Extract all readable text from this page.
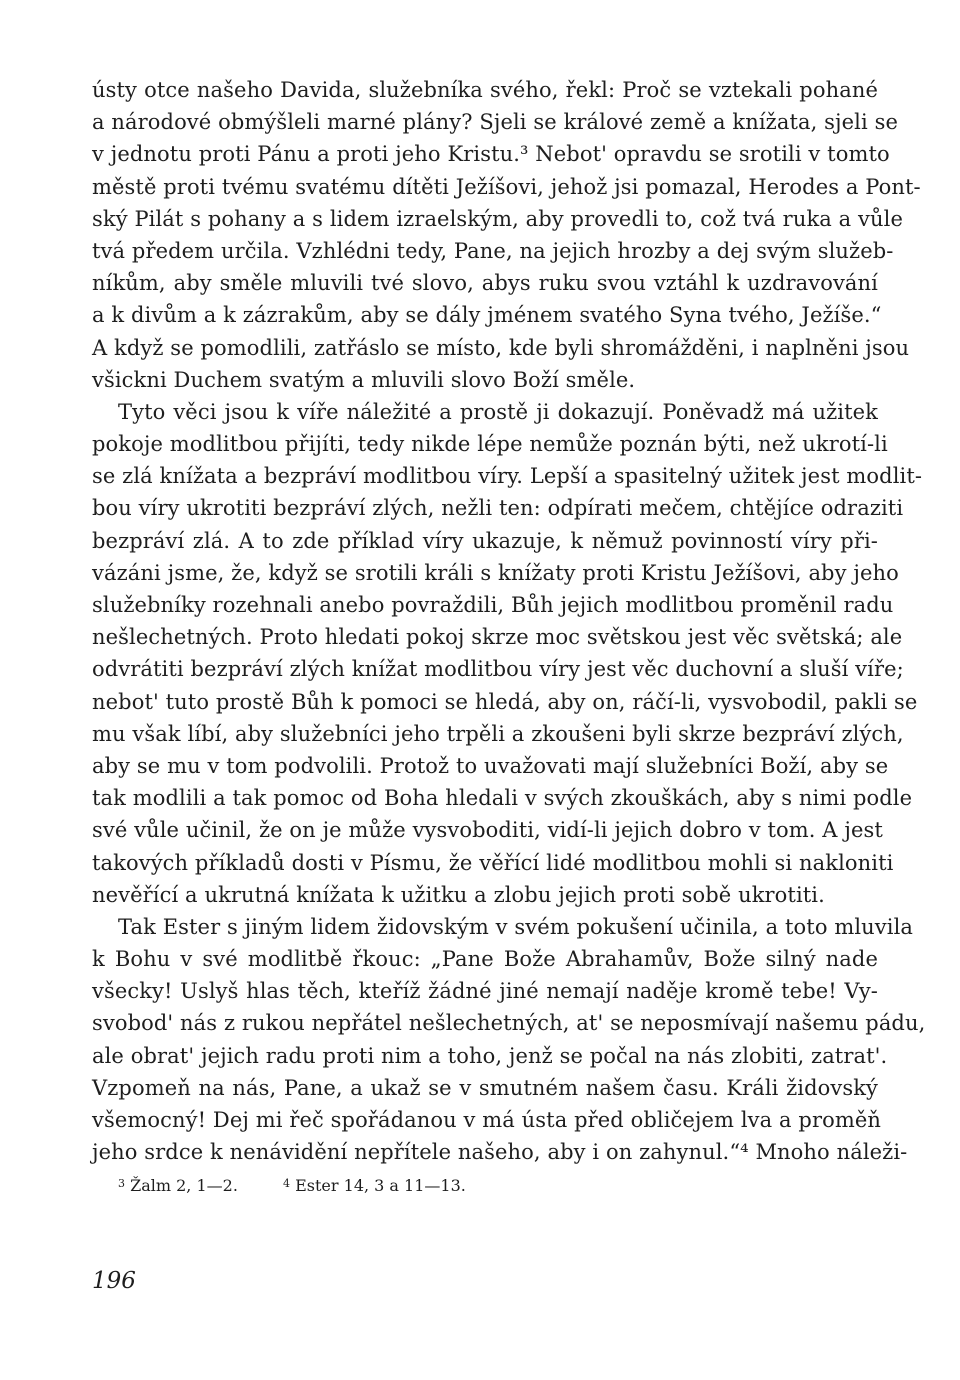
ústy otce našeho Davida, služebníka svého, řekl: Proč se vztekali pohané
a národové obmýšleli marné plány? Sjeli se králové země a knížata, sjeli se
v jednotu proti Pánu a proti jeho Kristu.³ Nebot' opravdu se srotili v tomto
městě proti tvému svatému dítěti Ježíšovi, jehož jsi pomazal, Herodes a Pont-
ský Pilát s pohany a s lidem izraelským, aby provedli to, což tvá ruka a vůle
tvá předem určila. Vzhlédni tedy, Pane, na jejich hrozby a dej svým služeb-
níkům, aby směle mluvili tvé slovo, abys ruku svou vztáhl k uzdravování
a k divům a k zázrakům, aby se dály jménem svatého Syna tvého, Ježíše.“
A když se pomodlili, zatřáslo se místo, kde byli shromážděni, i naplněni jsou
všickni Duchem svatým a mluvili slovo Boží směle.
Tyto věci jsou k víře náležité a prostě ji dokazují. Poněvadž má užitek
pokoje modlitbou přijíti, tedy nikde lépe nemůže poznán býti, než ukrotí-li
se zlá knížata a bezpráví modlitbou víry. Lepší a spasitelný užitek jest modlit-
bou víry ukrotiti bezpráví zlých, nežli ten: odpírati mečem, chtějíce odraziti
bezpráví zlá. A to zde příklad víry ukazuje, k němuž povinností víry při-
vázáni jsme, že, když se srotili králi s knížaty proti Kristu Ježíšovi, aby jeho
služebníky rozehnali anebo povraždili, Bůh jejich modlitbou proměnil radu
nešlechetných. Proto hledati pokoj skrze moc světskou jest věc světská; ale
odvrátiti bezpráví zlých knížat modlitbou víry jest věc duchovní a sluší víře;
nebot' tuto prostě Bůh k pomoci se hledá, aby on, ráčí-li, vysvobodil, pakli se
mu však líbí, aby služebníci jeho trpěli a zkoušeni byli skrze bezpráví zlých,
aby se mu v tom podvolili. Protož to uvažovati mají služebníci Boží, aby se
tak modlili a tak pomoc od Boha hledali v svých zkouškách, aby s nimi podle
své vůle učinil, že on je může vysvoboditi, vidí-li jejich dobro v tom. A jest
takových příkladů dosti v Písmu, že věřící lidé modlitbou mohli si nakloniti
nevěřící a ukrutná knížata k užitku a zlobu jejich proti sobě ukrotiti.
Tak Ester s jiným lidem židovským v svém pokušení učinila, a toto mluvila
k Bohu v své modlitbě řkouc: „Pane Bože Abrahamův, Bože silný nade
všecky! Uslyš hlas těch, kteříž žádné jiné nemají naděje kromě tebe! Vy-
svobod' nás z rukou nepřátel nešlechetných, at' se neposmívají našemu pádu,
ale obrat' jejich radu proti nim a toho, jenž se počal na nás zlobiti, zatrat'.
Vzpomeň na nás, Pane, a ukaž se v smutném našem času. Králi židovský
všemocný! Dej mi řeč spořádanou v má ústa před obličejem lva a proměň
jeho srdce k nenávidění nepřítele našeho, aby i on zahynul.“⁴ Mnoho náleži-
$^3$ Žalm 2, 1—2.	$^4$ Ester 14, 3 a 11—13.
196
